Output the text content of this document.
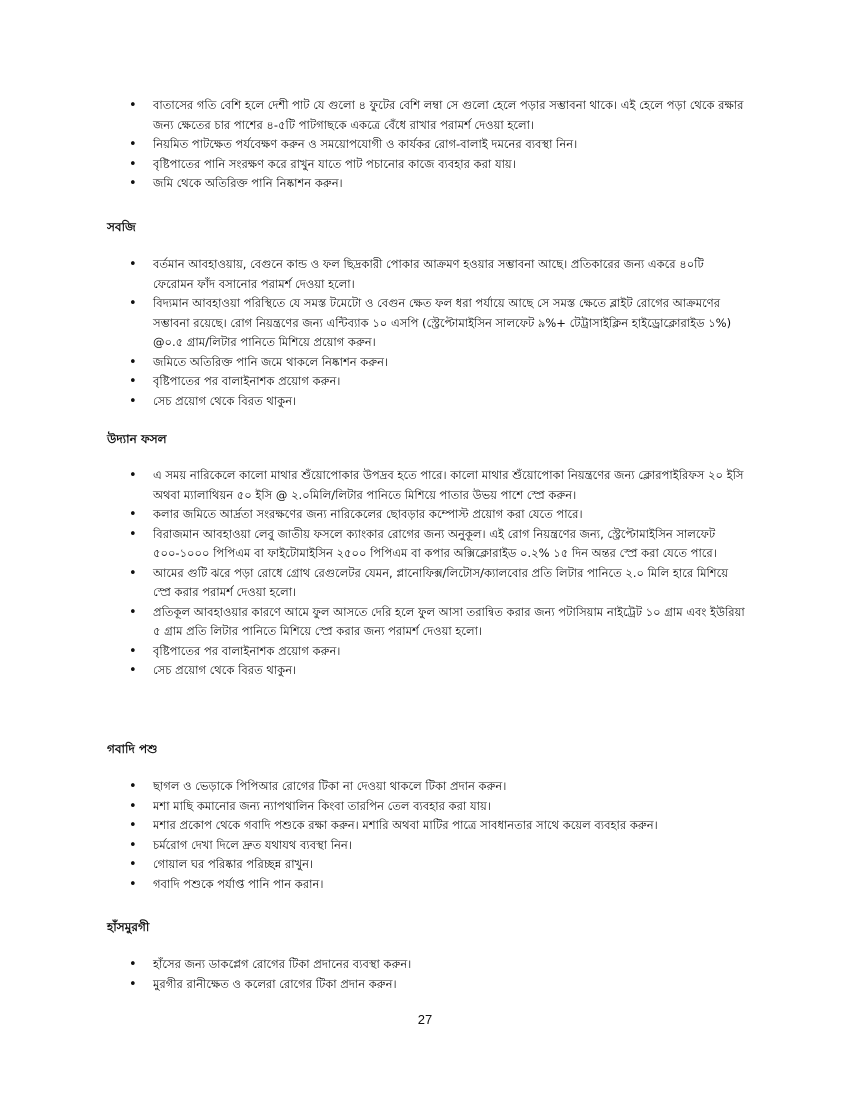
• বাতাসের গতি বেশি হলে দেশী পাট যে গুলো ৪ ফুটের বেশি লম্বা সে গুলো হেলে পড়ার সম্ভাবনা থাকে। এই হেলে পড়া থেকে রক্ষার জন্য ক্ষেতের চার পাশের ৪-৫টি পাটগাছকে একত্রে বেঁধে রাখার পরামর্শ দেওয়া হলো।
• নিয়মিত পাটক্ষেত পর্যবেক্ষণ করুন ও সময়োপযোগী ও কার্যকর রোগ-বালাই দমনের ব্যবস্থা নিন।
• বৃষ্টিপাতের পানি সংরক্ষণ করে রাখুন যাতে পাট পচানোর কাজে ব্যবহার করা যায়।
• জমি থেকে অতিরিক্ত পানি নিষ্কাশন করুন।
সবজি
• বর্তমান আবহাওয়ায়, বেগুনে কান্ড ও ফল ছিদ্রকারী পোকার আক্রমণ হওয়ার সম্ভাবনা আছে। প্রতিকারের জন্য একরে ৪০টি ফেরোমন ফাঁদ বসানোর পরামর্শ দেওয়া হলো।
• বিদ্যমান আবহাওয়া পরিস্থিতে যে সমস্ত টমেটো ও বেগুন ক্ষেত ফল ধরা পর্যায়ে আছে সে সমস্ত ক্ষেতে ব্লাইট রোগের আক্রমণের সম্ভাবনা রয়েছে। রোগ নিয়ন্ত্রণের জন্য এন্টিব্যাক ১০ এসপি (স্ট্রেপ্টোমাইসিন সালফেট ৯%+ টেট্রাসাইক্লিন হাইড্রোক্লোরাইড ১%) @০.৫ গ্রাম/লিটার পানিতে মিশিয়ে প্রয়োগ করুন।
• জমিতে অতিরিক্ত পানি জমে থাকলে নিষ্কাশন করুন।
• বৃষ্টিপাতের পর বালাইনাশক প্রয়োগ করুন।
• সেচ প্রয়োগ থেকে বিরত থাকুন।
উদ্যান ফসল
• এ সময় নারিকেলে কালো মাথার শুঁয়োপোকার উপদ্রব হতে পারে। কালো মাথার শুঁয়োপোকা নিয়ন্ত্রণের জন্য ক্লোরপাইরিফস ২০ ইসি অথবা ম্যালাথিয়ন ৫০ ইসি @ ২.০মিলি/লিটার পানিতে মিশিয়ে পাতার উভয় পাশে স্প্রে করুন।
• কলার জমিতে আর্দ্রতা সংরক্ষণের জন্য নারিকেলের ছোবড়ার কম্পোস্ট প্রয়োগ করা যেতে পারে।
• বিরাজমান আবহাওয়া লেবু জাতীয় ফসলে ক্যাংকার রোগের জন্য অনুকূল। এই রোগ নিয়ন্ত্রণের জন্য, স্ট্রেপ্টোমাইসিন সালফেট ৫০০-১০০০ পিপিএম বা ফাইটোমাইসিন ২৫০০ পিপিএম বা কপার অক্সিক্লোরাইড ০.২% ১৫ দিন অন্তর স্প্রে করা যেতে পারে।
• আমের গুটি ঝরে পড়া রোধে গ্রোথ রেগুলেটর যেমন, প্লানোফিক্স/লিটোস/ক্যালবোর প্রতি লিটার পানিতে ২.০ মিলি হারে মিশিয়ে স্প্রে করার পরামর্শ দেওয়া হলো।
• প্রতিকূল আবহাওয়ার কারণে আমে ফুল আসতে দেরি হলে ফুল আসা তরান্বিত করার জন্য পটাসিয়াম নাইট্রেট ১০ গ্রাম এবং ইউরিয়া ৫ গ্রাম প্রতি লিটার পানিতে মিশিয়ে স্প্রে করার জন্য পরামর্শ দেওয়া হলো।
• বৃষ্টিপাতের পর বালাইনাশক প্রয়োগ করুন।
• সেচ প্রয়োগ থেকে বিরত থাকুন।
গবাদি পশু
• ছাগল ও ভেড়াকে পিপিআর রোগের টিকা না দেওয়া থাকলে টিকা প্রদান করুন।
• মশা মাছি কমানোর জন্য ন্যাপথালিন কিংবা তারপিন তেল ব্যবহার করা যায়।
• মশার প্রকোপ থেকে গবাদি পশুকে রক্ষা করুন। মশারি অথবা মাটির পাত্রে সাবধানতার সাথে কয়েল ব্যবহার করুন।
• চর্মরোগ দেখা দিলে দ্রুত যথাযথ ব্যবস্থা নিন।
• গোয়াল ঘর পরিষ্কার পরিচ্ছন্ন রাখুন।
• গবাদি পশুকে পর্যাপ্ত পানি পান করান।
হাঁসমুরগী
• হাঁসের জন্য ডাকপ্লেগ রোগের টিকা প্রদানের ব্যবস্থা করুন।
• মুরগীর রানীক্ষেত ও কলেরা রোগের টিকা প্রদান করুন।
27
